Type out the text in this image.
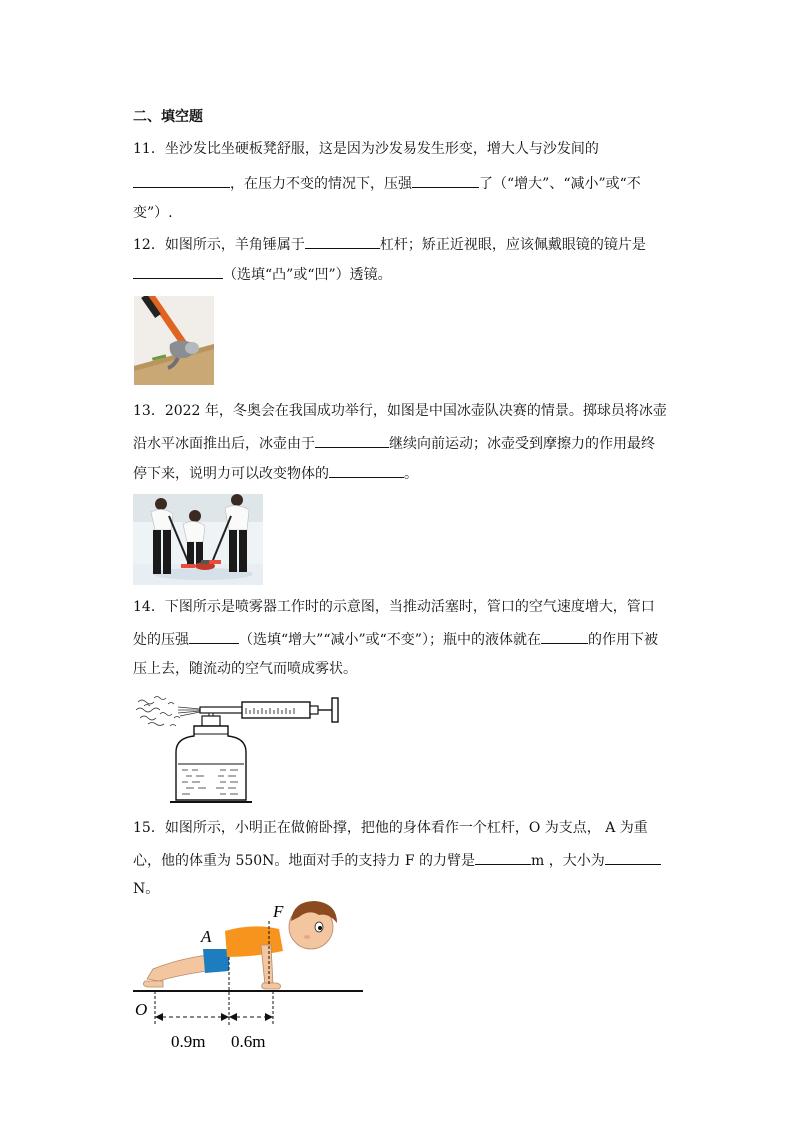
二、填空题
11．坐沙发比坐硬板凳舒服，这是因为沙发易发生形变，增大人与沙发间的
，在压力不变的情况下，压强	了（“增大”、“减小”或“不
变”）.
12．如图所示，羊角锤属于	杠杆；矫正近视眼，应该佩戴眼镜的镜片是
（选填“凸”或“凹”）透镜。
13．2022 年，冬奥会在我国成功举行，如图是中国冰壶队决赛的情景。掷球员将冰壶
沿水平冰面推出后，冰壶由于	继续向前运动；冰壶受到摩擦力的作用最终
停下来，说明力可以改变物体的	。
14．下图所示是喷雾器工作时的示意图，当推动活塞时，管口的空气速度增大，管口
处的压强	（选填“增大”“减小”或“不变”）；瓶中的液体就在	的作用下被
压上去，随流动的空气而喷成雾状。
15．如图所示，小明正在做俯卧撑，把他的身体看作一个杠杆，O 为支点， A 为重
心，他的体重为 550N。地面对手的支持力 F 的力臂是	m ，大小为
N。
F
A
O
0.9m 0.6m
